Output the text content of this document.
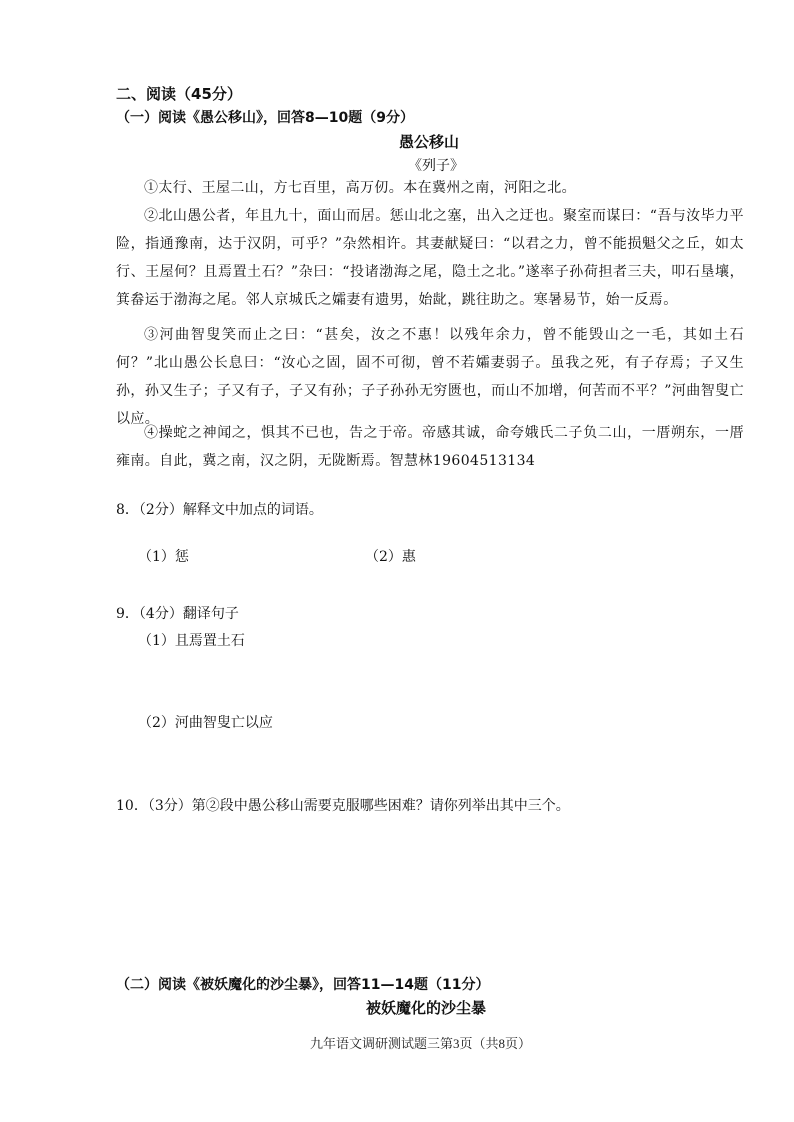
二、阅读（45分）
（一）阅读《愚公移山》，回答8—10题（9分）
愚公移山
《列子》
①太行、王屋二山，方七百里，高万仞。本在冀州之南，河阳之北。
②北山愚公者，年且九十，面山而居。惩山北之塞，出入之迂也。聚室而谋曰：“吾与汝毕力平险，指通豫南，达于汉阴，可乎？”杂然相许。其妻献疑曰：“以君之力，曾不能损魁父之丘，如太行、王屋何？且焉置土石？”杂曰：“投诸渤海之尾，隐土之北。”遂率子孙荷担者三夫，叩石垦壤，箕畚运于渤海之尾。邻人京城氏之孀妻有遗男，始龀，跳往助之。寒暑易节，始一反焉。
③河曲智叟笑而止之曰：“甚矣，汝之不惠！以残年余力，曾不能毁山之一毛，其如土石何？”北山愚公长息曰：“汝心之固，固不可彻，曾不若孀妻弱子。虽我之死，有子存焉；子又生孙，孙又生子；子又有子，子又有孙；子子孙孙无穷匮也，而山不加增，何苦而不平？”河曲智叟亡以应。
④操蛇之神闻之，惧其不已也，告之于帝。帝感其诚，命夸娥氏二子负二山，一厝朔东，一厝雍南。自此，冀之南，汉之阴，无陇断焉。智慧林19604513134
8．（2分）解释文中加点的词语。
（1）惩	（2）惠
9．（4分）翻译句子
（1）且焉置土石
（2）河曲智叟亡以应
10．（3分）第②段中愚公移山需要克服哪些困难？请你列举出其中三个。
（二）阅读《被妖魔化的沙尘暴》，回答11—14题（11分）
被妖魔化的沙尘暴
九年语文调研测试题三第3页（共8页）
